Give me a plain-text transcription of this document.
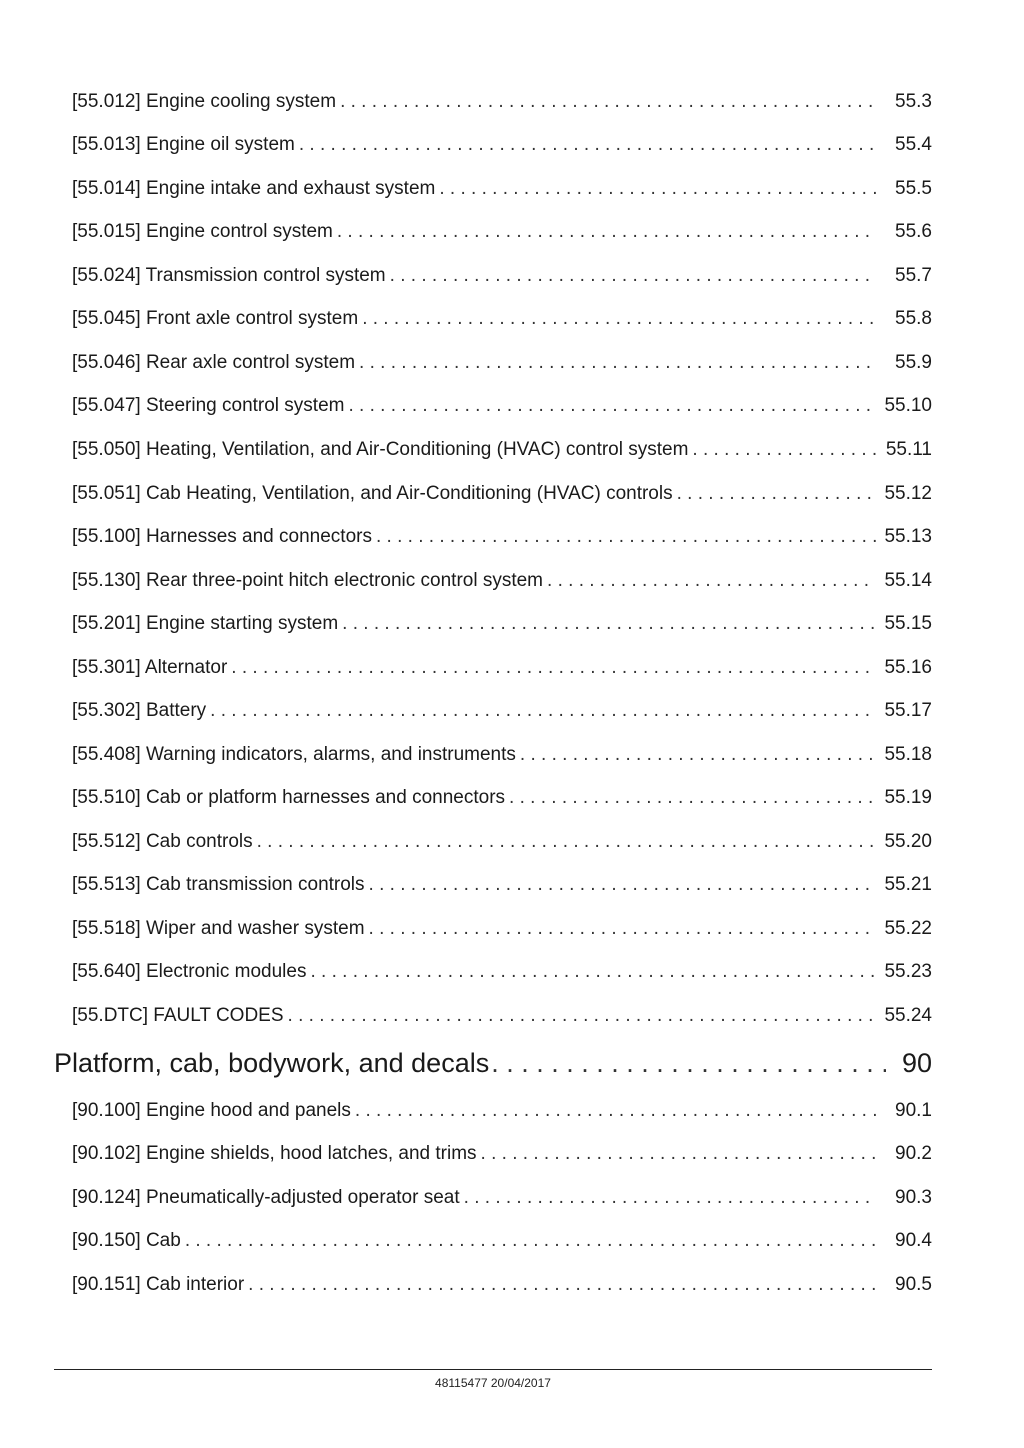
[55.012] Engine cooling system . . .	55.3
[55.013] Engine oil system . . .	55.4
[55.014] Engine intake and exhaust system . . .	55.5
[55.015] Engine control system . . .	55.6
[55.024] Transmission control system . . .	55.7
[55.045] Front axle control system . . .	55.8
[55.046] Rear axle control system . . .	55.9
[55.047] Steering control system . . .	55.10
[55.050] Heating, Ventilation, and Air-Conditioning (HVAC) control system . . .	55.11
[55.051] Cab Heating, Ventilation, and Air-Conditioning (HVAC) controls . . .	55.12
[55.100] Harnesses and connectors . . .	55.13
[55.130] Rear three-point hitch electronic control system . . .	55.14
[55.201] Engine starting system . . .	55.15
[55.301] Alternator . . .	55.16
[55.302] Battery . . .	55.17
[55.408] Warning indicators, alarms, and instruments . . .	55.18
[55.510] Cab or platform harnesses and connectors . . .	55.19
[55.512] Cab controls . . .	55.20
[55.513] Cab transmission controls . . .	55.21
[55.518] Wiper and washer system . . .	55.22
[55.640] Electronic modules . . .	55.23
[55.DTC] FAULT CODES . . .	55.24
Platform, cab, bodywork, and decals . . .	90
[90.100] Engine hood and panels . . .	90.1
[90.102] Engine shields, hood latches, and trims . . .	90.2
[90.124] Pneumatically-adjusted operator seat . . .	90.3
[90.150] Cab . . .	90.4
[90.151] Cab interior . . .	90.5
48115477 20/04/2017
